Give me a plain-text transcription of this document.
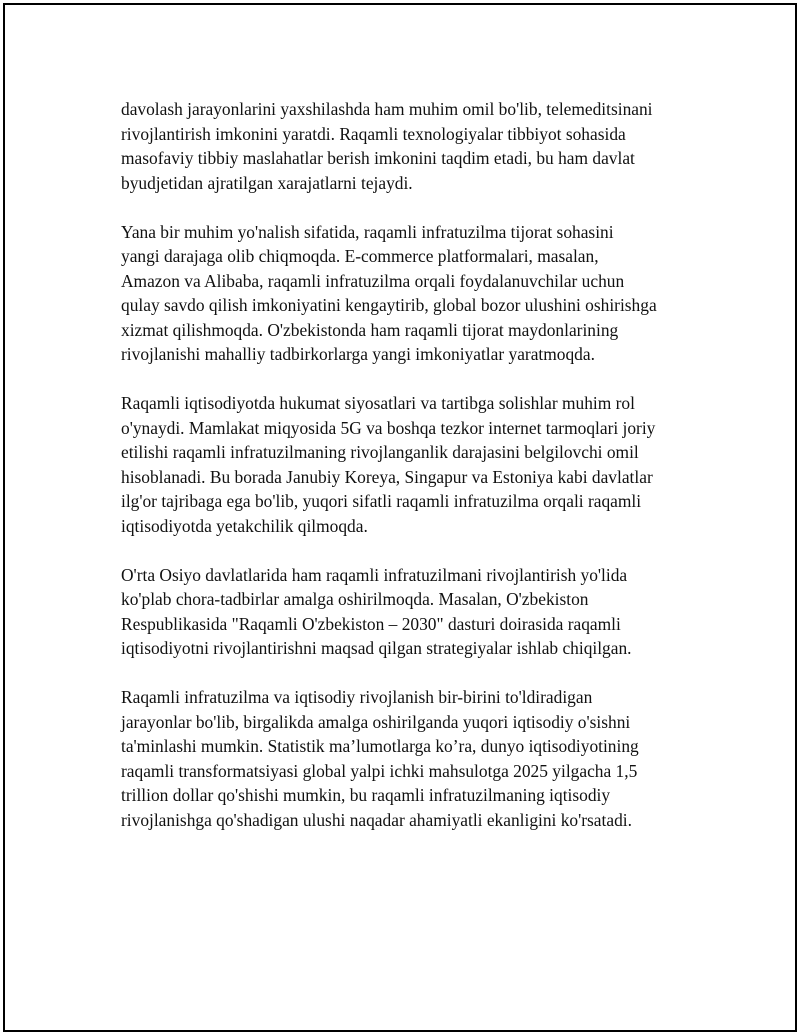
davolash jarayonlarini yaxshilashda ham muhim omil bo'lib, telemeditsinani
rivojlantirish imkonini yaratdi. Raqamli texnologiyalar tibbiyot sohasida
masofaviy tibbiy maslahatlar berish imkonini taqdim etadi, bu ham davlat
byudjetidan ajratilgan xarajatlarni tejaydi.

Yana bir muhim yo'nalish sifatida, raqamli infratuzilma tijorat sohasini
yangi darajaga olib chiqmoqda. E-commerce platformalari, masalan,
Amazon va Alibaba, raqamli infratuzilma orqali foydalanuvchilar uchun
qulay savdo qilish imkoniyatini kengaytirib, global bozor ulushini oshirishga
xizmat qilishmoqda. O'zbekistonda ham raqamli tijorat maydonlarining
rivojlanishi mahalliy tadbirkorlarga yangi imkoniyatlar yaratmoqda.

Raqamli iqtisodiyotda hukumat siyosatlari va tartibga solishlar muhim rol
o'ynaydi. Mamlakat miqyosida 5G va boshqa tezkor internet tarmoqlari joriy
etilishi raqamli infratuzilmaning rivojlanganlik darajasini belgilovchi omil
hisoblanadi. Bu borada Janubiy Koreya, Singapur va Estoniya kabi davlatlar
ilg'or tajribaga ega bo'lib, yuqori sifatli raqamli infratuzilma orqali raqamli
iqtisodiyotda yetakchilik qilmoqda.

O'rta Osiyo davlatlarida ham raqamli infratuzilmani rivojlantirish yo'lida
ko'plab chora-tadbirlar amalga oshirilmoqda. Masalan, O'zbekiston
Respublikasida "Raqamli O'zbekiston – 2030" dasturi doirasida raqamli
iqtisodiyotni rivojlantirishni maqsad qilgan strategiyalar ishlab chiqilgan.

Raqamli infratuzilma va iqtisodiy rivojlanish bir-birini to'ldiradigan
jarayonlar bo'lib, birgalikda amalga oshirilganda yuqori iqtisodiy o'sishni
ta'minlashi mumkin. Statistik ma’lumotlarga ko’ra, dunyo iqtisodiyotining
raqamli transformatsiyasi global yalpi ichki mahsulotga 2025 yilgacha 1,5
trillion dollar qo'shishi mumkin, bu raqamli infratuzilmaning iqtisodiy
rivojlanishga qo'shadigan ulushi naqadar ahamiyatli ekanligini ko'rsatadi.
